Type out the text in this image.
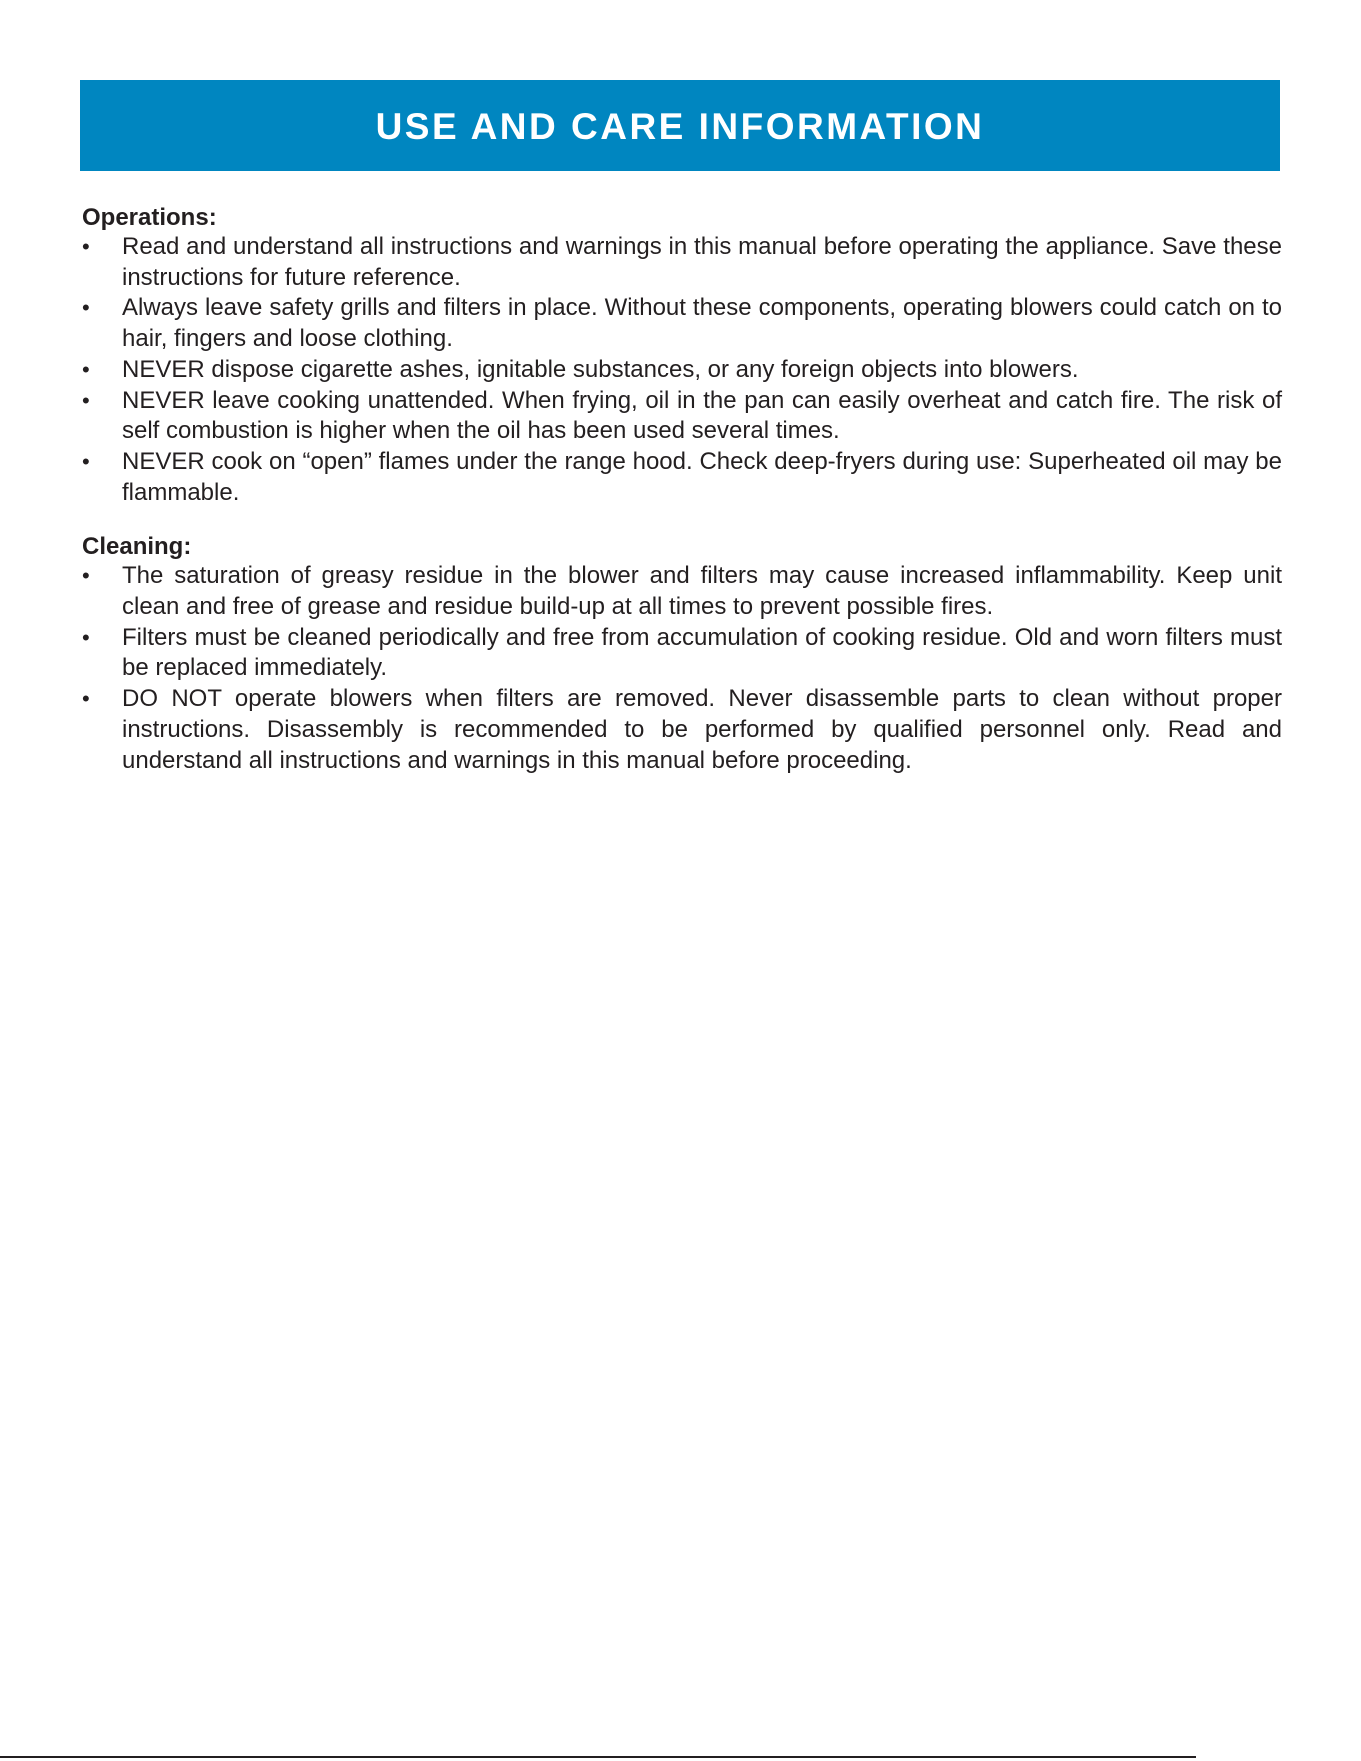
USE AND CARE INFORMATION
Operations:
• Read and understand all instructions and warnings in this manual before operating the appliance. Save these instructions for future reference.
• Always leave safety grills and filters in place. Without these components, operating blowers could catch on to hair, fingers and loose clothing.
• NEVER dispose cigarette ashes, ignitable substances, or any foreign objects into blowers.
• NEVER leave cooking unattended. When frying, oil in the pan can easily overheat and catch fire. The risk of self combustion is higher when the oil has been used several times.
• NEVER cook on “open” flames under the range hood. Check deep-fryers during use: Superheated oil may be flammable.
Cleaning:
• The saturation of greasy residue in the blower and filters may cause increased inflammability. Keep unit clean and free of grease and residue build-up at all times to prevent possible fires.
• Filters must be cleaned periodically and free from accumulation of cooking residue. Old and worn filters must be replaced immediately.
• DO NOT operate blowers when filters are removed. Never disassemble parts to clean without proper instructions. Disassembly is recommended to be performed by qualified personnel only. Read and understand all instructions and warnings in this manual before proceeding.
